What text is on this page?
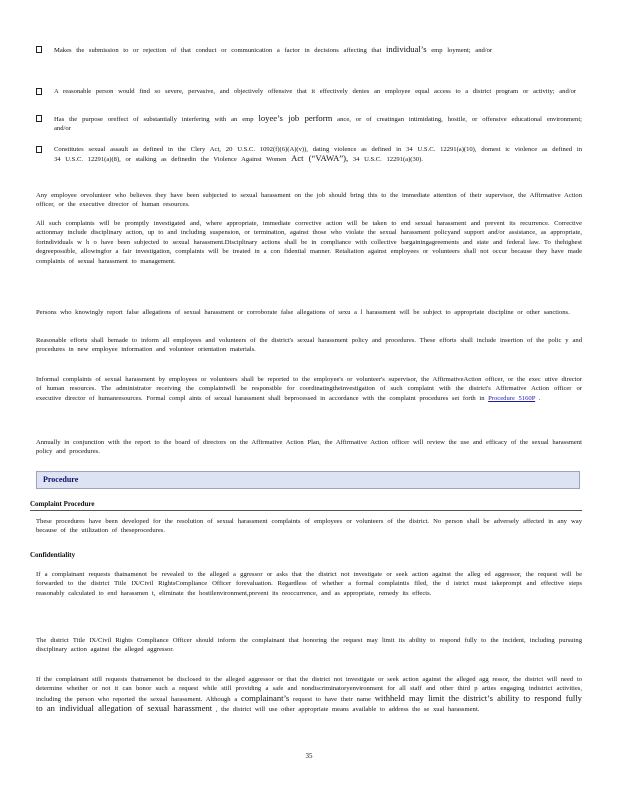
Makes the submission to or rejection of that conduct or communication a factor in decisions affecting that individual’s emp loyment; and/or
A reasonable person would find so severe, pervasive, and objectively offensive that it effectively denies an employee equal access to a district program or activity; and/or
Has the purpose oreffect of substantially interfering with an emp loyee’s job perform ance, or of creatingan intimidating, hostile, or offensive educational environment; and/or
Constitutes sexual assault as defined in the Clery Act, 20 U.S.C. 1092(f)(6)(A)(v)), dating violence as defined in 34 U.S.C. 12291(a)(10), domest ic violence as defined in 34 U.S.C. 12291(a)(8), or stalking as definedin the Violence Against Women Act (“VAWA”), 34 U.S.C. 12291(a)(30).
Any employee orvolunteer who believes they have been subjected to sexual harassment on the job should bring this to the immediate attention of their supervisor, the Affirmative Action officer, or the executive director of human resources.
All such complaints will be promptly investigated and, where appropriate, immediate corrective action will be taken to end sexual harassment and prevent its recurrence. Corrective actionmay include disciplinary action, up to and including suspension, or termination, against those who violate the sexual harassment policyand support and/or assistance, as appropriate, forindividuals w h o have been subjected to sexual harassment.Disciplinary actions shall be in compliance with collective bargainingagreements and state and federal law. To thehighest degreepossible, allowingfor a fair investigation, complaints will be treated in a con fidential manner. Retaliation against employees or volunteers shall not occur because they have made complaints of sexual harassment to management.
Persons who knowingly report false allegations of sexual harassment or corroborate false allegations of sexu a l harassment will be subject to appropriate discipline or other sanctions.
Reasonable efforts shall bemade to inform all employees and volunteers of the district's sexual harassment policy and procedures. These efforts shall include insertion of the polic y and procedures in new employee information and volunteer orientation materials.
Informal complaints of sexual harassment by employees or volunteers shall be reported to the employee's or volunteer's supervisor, the AffirmativeAction officer, or the exec utive director of human resources. The administrator receiving the complaintwill be responsible for coordinatingtheinvestigation of such complaint with the district's Affirmative Action officer or executive director of humanresources. Formal compl aints of sexual harassment shall beprocessed in accordance with the complaint procedures set forth in Procedure 5160P .
Annually in conjunction with the report to the board of directors on the Affirmative Action Plan, the Affirmative Action officer will review the use and efficacy of the sexual harassment policy and procedures.
Procedure
Complaint Procedure
These procedures have been developed for the resolution of sexual harassment complaints of employees or volunteers of the district. No person shall be adversely affected in any way because of the utilization of theseprocedures.
Confidentiality
If a complainant requests thatnamenot be revealed to the alleged a ggressor or asks that the district not investigate or seek action against the alleg ed aggressor, the request will be forwarded to the district Title IX/Civil RightsCompliance Officer forevaluation. Regardless of whether a formal complaintis filed, the d istrict must takeprompt and effective steps reasonably calculated to end harassmen t, eliminate the hostilenvironment,prevent its reoccurrence, and as appropriate, remedy its effects.
The district Title IX/Civil Rights Compliance Officer should inform the complainant that honoring the request may limit its ability to respond fully to the incident, including pursuing disciplinary action against the alleged aggressor.
If the complainant still requests thatnamenot be disclosed to the alleged aggressor or that the district not investigate or seek action against the alleged agg ressor, the district will need to determine whether or not it can honor such a request while still providing a safe and nondiscriminatoryenvironment for all staff and other third p arties engaging indistrict activities, including the person who reported the sexual harassment. Although a complainant’s request to have their name withheld may limit the district’s ability to respond fully to an individual allegation of sexual harassment , the district will use other appropriate means available to address the se xual harassment.
35
